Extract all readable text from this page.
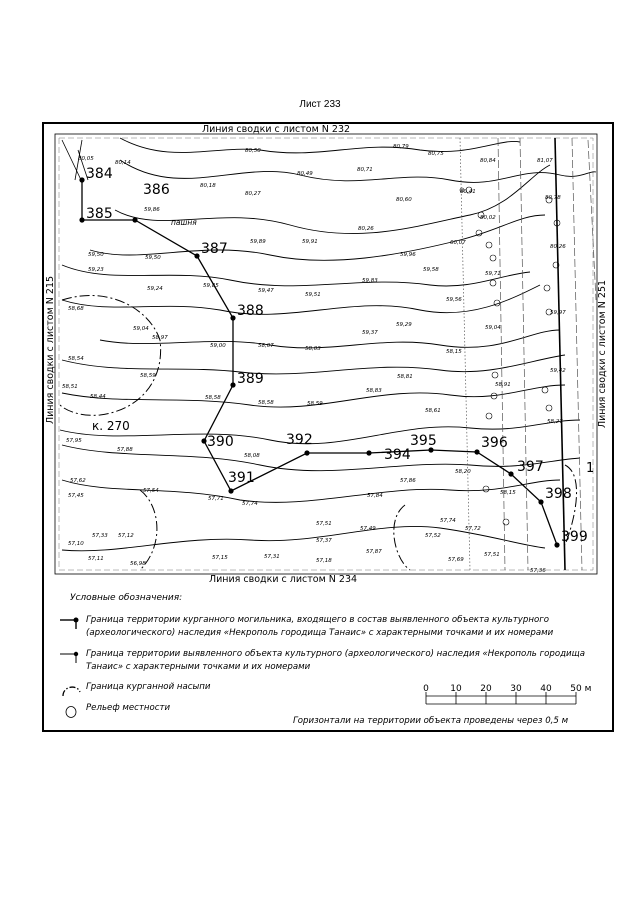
Лист 233
384
385
386
387
388
389
390
391
392
394
395	396
397
398
399
Линия сводки с листом N 232
Линия сводки с листом N 234
Линия сводки с листом N 215	Линия сводки с листом N 251
пашня
к. 270
1
80,05
80,14
80,50
80,79
80,75
80,84	81,07
80,18
80,27
80,49
80,71
80,60
80,41
80,78
80,26
59,86
80,02
59,89	59,91
59,96
60,07
80,26
59,50	59,50
59,23
59,85
59,83
59,71
59,24	59,47
59,51
59,58
59,56
59,97
58,68
59,04
59,37
59,29	59,04
58,97
59,00	58,07	58,03	58,15
58,54
58,59	58,81
59,42
58,51
58,44	58,58
58,58	58,59
58,83
58,91
58,61
57,95
58,27
57,88
58,08
57,86
58,20
57,62
57,54
57,74
57,84	58,15
57,45	57,71
57,51
57,37
57,49
57,74
57,33 57,12	57,52
57,72
57,10
57,15	57,31
57,18
57,87
57,69
57,51
57,11
56,98
57,36
Условные обозначения:
Граница территории курганного могильника, входящего в состав выявленного объекта культурного (археологического) наследия «Некрополь городища Танаис» с характерными точками и их номерами
Граница территории выявленного объекта культурного (археологического) наследия «Некрополь городища Танаис» с характерными точками и их номерами
Граница курганной насыпи
Рельеф местности
0 10 20 30 40 50 м
Горизонтали на территории объекта проведены через 0,5 м
